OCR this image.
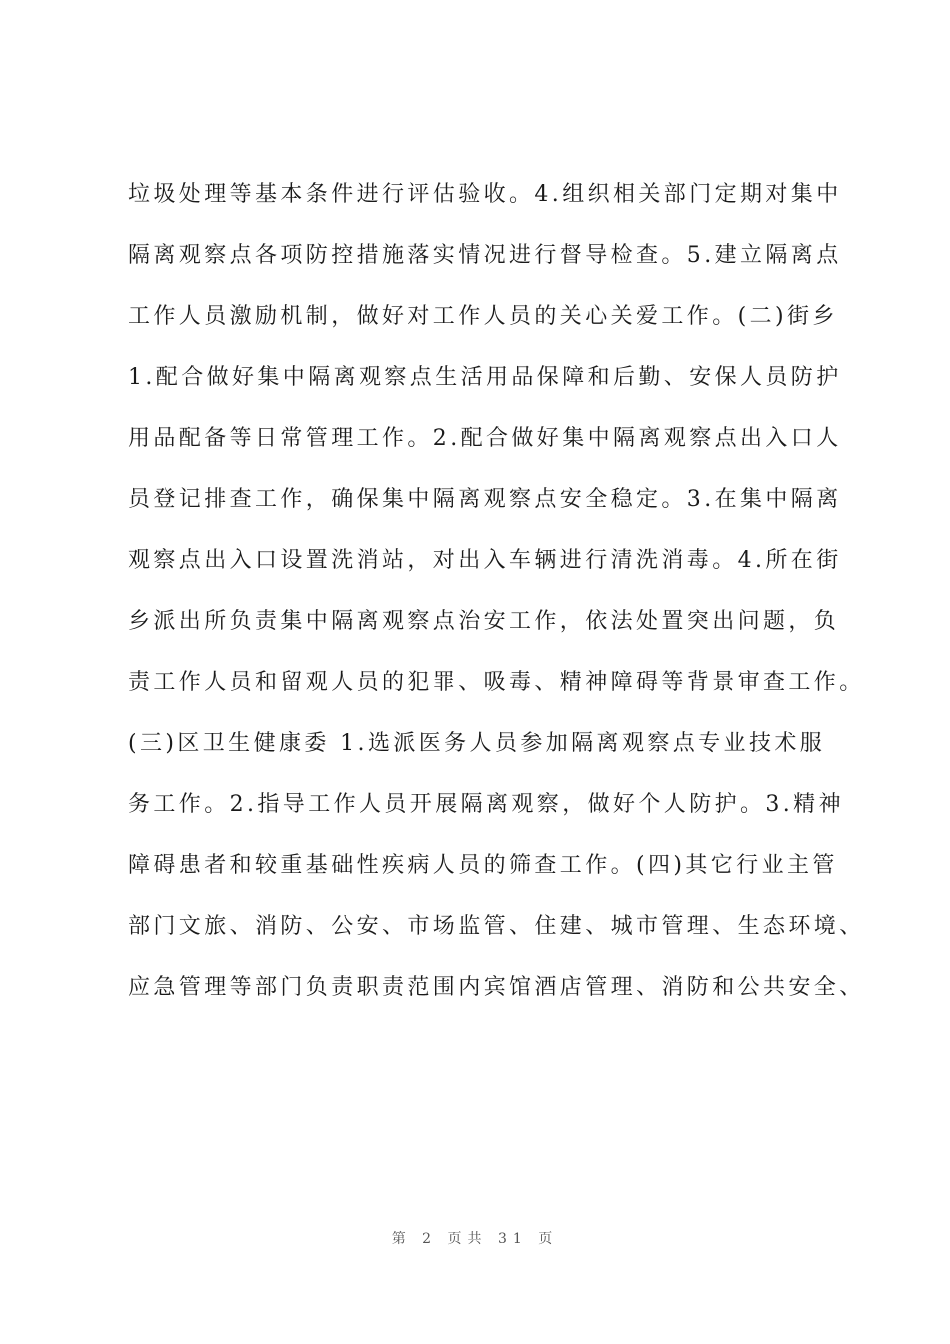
垃圾处理等基本条件进行评估验收。4.组织相关部门定期对集中
隔离观察点各项防控措施落实情况进行督导检查。5.建立隔离点
工作人员激励机制，做好对工作人员的关心关爱工作。(二)街乡
1.配合做好集中隔离观察点生活用品保障和后勤、安保人员防护
用品配备等日常管理工作。2.配合做好集中隔离观察点出入口人
员登记排查工作，确保集中隔离观察点安全稳定。3.在集中隔离
观察点出入口设置洗消站，对出入车辆进行清洗消毒。4.所在街
乡派出所负责集中隔离观察点治安工作，依法处置突出问题，负
责工作人员和留观人员的犯罪、吸毒、精神障碍等背景审查工作。
(三)区卫生健康委 1.选派医务人员参加隔离观察点专业技术服
务工作。2.指导工作人员开展隔离观察，做好个人防护。3.精神
障碍患者和较重基础性疾病人员的筛查工作。(四)其它行业主管
部门文旅、消防、公安、市场监管、住建、城市管理、生态环境、
应急管理等部门负责职责范围内宾馆酒店管理、消防和公共安全、
第 2 页共 31 页
